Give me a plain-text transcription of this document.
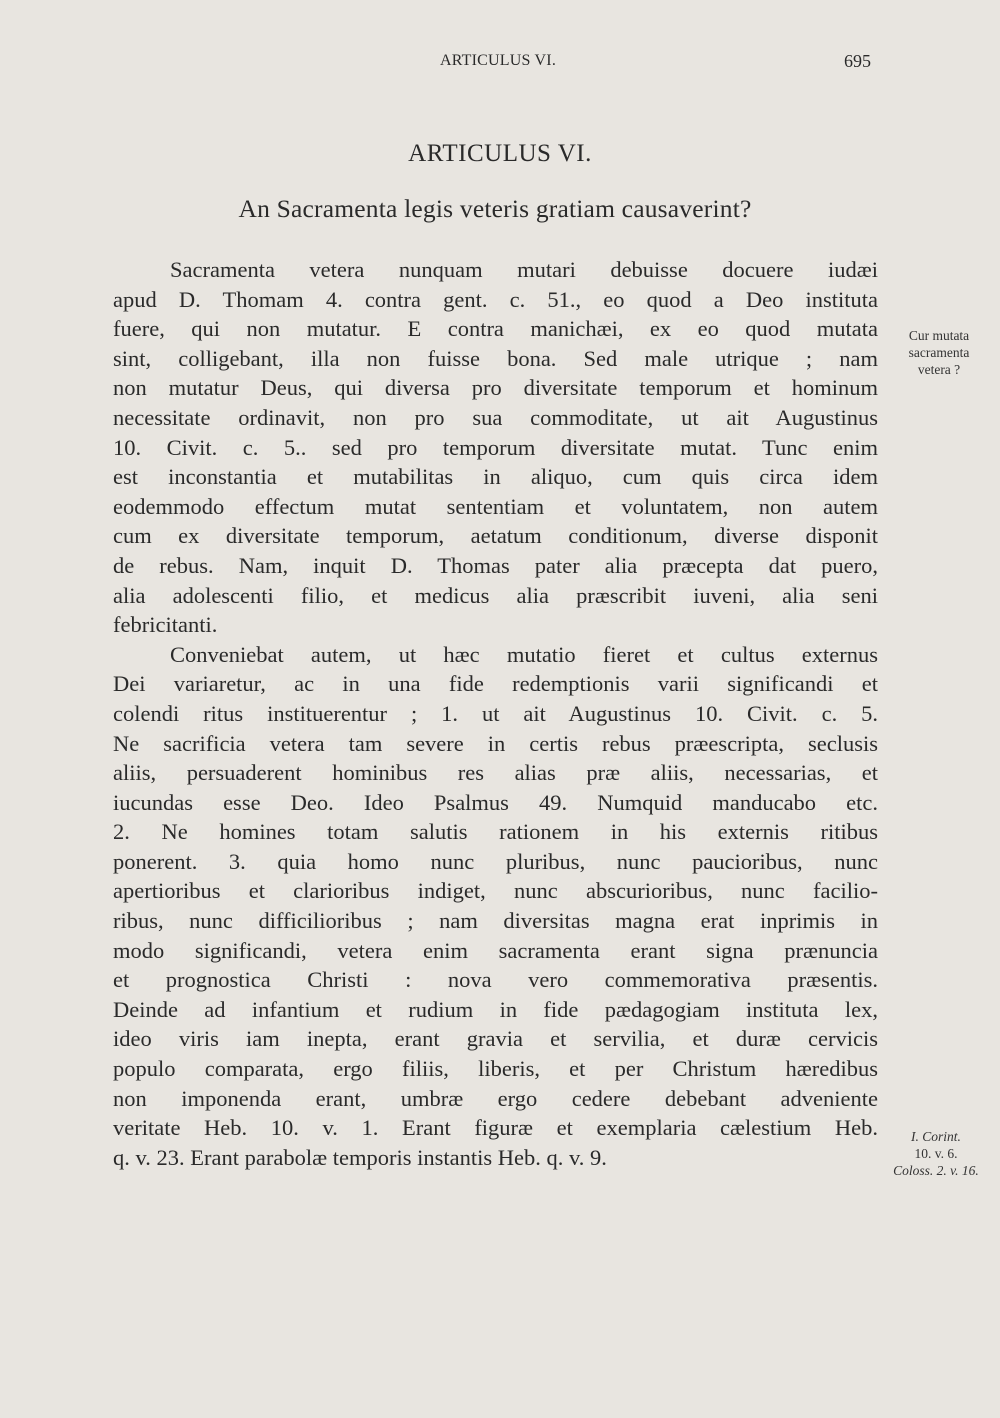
ARTICULUS VI.	695
ARTICULUS VI.
An Sacramenta legis veteris gratiam causaverint?
Sacramenta vetera nunquam mutari debuisse docuere iudæi
apud D. Thomam 4. contra gent. c. 51., eo quod a Deo instituta
fuere, qui non mutatur. E contra manichæi, ex eo quod mutata
sint, colligebant, illa non fuisse bona. Sed male utrique ; nam
non mutatur Deus, qui diversa pro diversitate temporum et hominum
necessitate ordinavit, non pro sua commoditate, ut ait Augustinus
10. Civit. c. 5.. sed pro temporum diversitate mutat. Tunc enim
est inconstantia et mutabilitas in aliquo, cum quis circa idem
eodemmodo effectum mutat sententiam et voluntatem, non autem
cum ex diversitate temporum, aetatum conditionum, diverse disponit
de rebus. Nam, inquit D. Thomas pater alia præcepta dat puero,
alia adolescenti filio, et medicus alia præscribit iuveni, alia seni
febricitanti.
Conveniebat autem, ut hæc mutatio fieret et cultus externus
Dei variaretur, ac in una fide redemptionis varii significandi et
colendi ritus instituerentur ; 1. ut ait Augustinus 10. Civit. c. 5.
Ne sacrificia vetera tam severe in certis rebus præescripta, seclusis
aliis, persuaderent hominibus res alias præ aliis, necessarias, et
iucundas esse Deo. Ideo Psalmus 49. Numquid manducabo etc.
2. Ne homines totam salutis rationem in his externis ritibus
ponerent. 3. quia homo nunc pluribus, nunc paucioribus, nunc
apertioribus et clarioribus indiget, nunc abscurioribus, nunc facilio-
ribus, nunc difficilioribus ; nam diversitas magna erat inprimis in
modo significandi, vetera enim sacramenta erant signa prænuncia
et prognostica Christi : nova vero commemorativa præsentis.
Deinde ad infantium et rudium in fide pædagogiam instituta lex,
ideo viris iam inepta, erant gravia et servilia, et duræ cervicis
populo comparata, ergo filiis, liberis, et per Christum hæredibus
non imponenda erant, umbræ ergo cedere debebant adveniente
veritate Heb. 10. v. 1. Erant figuræ et exemplaria cælestium Heb.
q. v. 23. Erant parabolæ temporis instantis Heb. q. v. 9.
Cur mutata
sacramenta
vetera ?
I. Corint.
10. v. 6.
Coloss. 2. v. 16.
